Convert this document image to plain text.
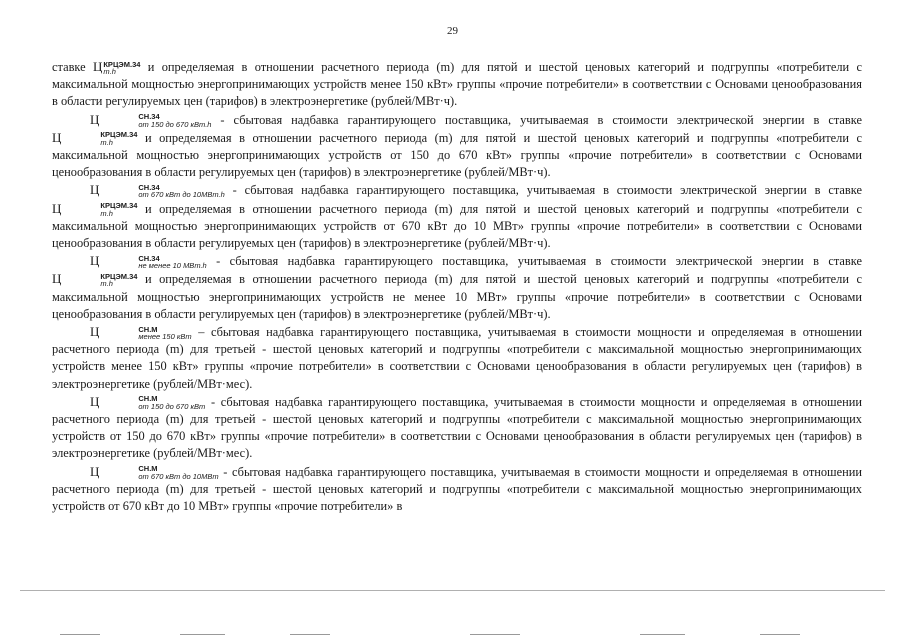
29

ставке Ц КРЦЭМ.34
m.h	и определяемая в отношении расчетного периода (m) для пятой и шестой ценовых категорий и подгруппы «потребители с максимальной мощностью энергопринимающих устройств менее 150 кВт» группы «прочие потребители» в соответствии с Основами ценообразования в области регулируемых цен (тарифов) в электроэнергетике (рублей/МВт·ч).

Ц	СН.34
от 150 до 670 кВт.h - сбытовая надбавка гарантирующего поставщика, учитываемая в стоимости электрической энергии в ставке Ц	КРЦЭМ.34
m.h	и определяемая в отношении расчетного периода (m) для пятой и шестой ценовых категорий и подгруппы «потребители с максимальной мощностью энергопринимающих устройств от 150 до 670 кВт» группы «прочие потребители» в соответствии с Основами ценообразования в области регулируемых цен (тарифов) в электроэнергетике (рублей/МВт·ч).

Ц	СН.34
от 670 кВт до 10МВт.h - сбытовая надбавка гарантирующего поставщика, учитываемая в стоимости электрической энергии в ставке Ц	КРЦЭМ.34
m.h	и определяемая в отношении расчетного периода (m) для пятой и шестой ценовых категорий и подгруппы «потребители с максимальной мощностью энергопринимающих устройств от 670 кВт до 10 МВт» группы «прочие потребители» в соответствии с Основами ценообразования в области регулируемых цен (тарифов) в электроэнергетике (рублей/МВт·ч).

Ц	СН.34
не менее 10 МВт.h - сбытовая надбавка гарантирующего поставщика, учитываемая в стоимости электрической энергии в ставке Ц	КРЦЭМ.34
m.h	и определяемая в отношении расчетного периода (m) для пятой и шестой ценовых категорий и подгруппы «потребители с максимальной мощностью энергопринимающих устройств не менее 10 МВт» группы «прочие потребители» в соответствии с Основами ценообразования в области регулируемых цен (тарифов) в электроэнергетике (рублей/МВт·ч).

Ц	СН.М
менее 150 кВт – сбытовая надбавка гарантирующего поставщика, учитываемая в стоимости мощности и определяемая в отношении расчетного периода (m) для третьей - шестой ценовых категорий и подгруппы «потребители с максимальной мощностью энергопринимающих устройств менее 150 кВт» группы «прочие потребители» в соответствии с Основами ценообразования в области регулируемых цен (тарифов) в электроэнергетике (рублей/МВт·мес).

Ц	СН.М
от 150 до 670 кВт - сбытовая надбавка гарантирующего поставщика, учитываемая в стоимости мощности и определяемая в отношении расчетного периода (m) для третьей - шестой ценовых категорий и подгруппы «потребители с максимальной мощностью энергопринимающих устройств от 150 до 670 кВт» группы «прочие потребители» в соответствии с Основами ценообразования в области регулируемых цен (тарифов) в электроэнергетике (рублей/МВт·мес).

Ц	СН.М
от 670 кВт до 10МВт - сбытовая надбавка гарантирующего поставщика, учитываемая в стоимости мощности и определяемая в отношении расчетного периода (m) для третьей - шестой ценовых категорий и подгруппы «потребители с максимальной мощностью энергопринимающих устройств от 670 кВт до 10 МВт» группы «прочие потребители» в
